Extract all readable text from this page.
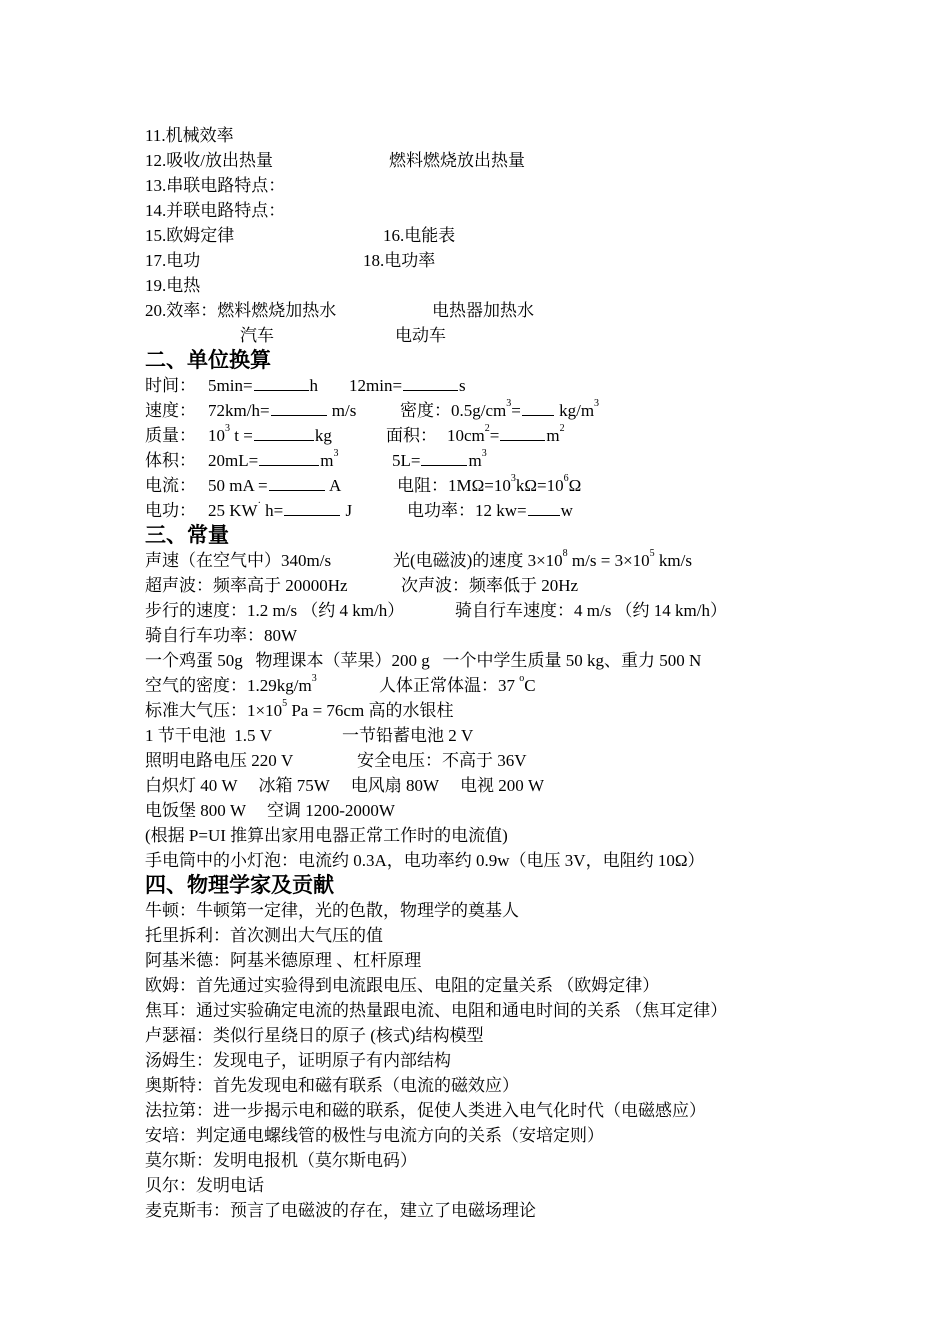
11.机械效率
12.吸收/放出热量	燃料燃烧放出热量
13.串联电路特点：
14.并联电路特点：
15.欧姆定律	16.电能表
17.电功	18.电功率
19.电热
20.效率：燃料燃烧加热水	电热器加热水
汽车	电动车
二、单位换算
时间： 5min=	h 12min=	s
速度： 72km/h=	m/s	密度：$0.5g/cm^3= kg/m^3$
质量： $10^3$ t =	kg	面积： $10cm^2=$	$m^2$
体积： 20mL=	$m^3$	5L=	$m^3$
电流： 50 mA =	A	电阻：$1M\Omega=10^3k\Omega=10^6\Omega$
电功： 25 KW· h=	J	电功率：12 kw= w
三、常量
声速（在空气中）340m/s	光(电磁波)的速度 $3\times 10^8$ $m/s = 3\times 10^5$ km/s
超声波：频率高于 20000Hz	次声波：频率低于 20Hz
步行的速度：1.2 m/s （约 4 km/h）	骑自行车速度：4 m/s （约 14 km/h）
骑自行车功率：80W
一个鸡蛋 50g   物理课本（苹果）200 g   一个中学生质量 50 kg、重力 500 N
空气的密度：$1.29kg/m^3$	人体正常体温：37 $^o$C
标准大气压：$1\times 10^5$ Pa = 76cm 高的水银柱
1 节干电池  1.5 V	一节铅蓄电池 2 V
照明电路电压 220 V	安全电压：不高于 36V
白炽灯 40 W     冰箱 75W     电风扇 80W     电视 200 W
电饭堡 800 W     空调 1200-2000W
(根据 P=UI 推算出家用电器正常工作时的电流值)
手电筒中的小灯泡：电流约 0.3A，电功率约 0.9w（电压 3V，电阻约 10Ω）
四、物理学家及贡献
牛顿：牛顿第一定律，光的色散，物理学的奠基人
托里拆利：首次测出大气压的值
阿基米德：阿基米德原理 、杠杆原理
欧姆：首先通过实验得到电流跟电压、电阻的定量关系 （欧姆定律）
焦耳：通过实验确定电流的热量跟电流、电阻和通电时间的关系 （焦耳定律）
卢瑟福：类似行星绕日的原子 (核式)结构模型
汤姆生：发现电子，证明原子有内部结构
奥斯特：首先发现电和磁有联系（电流的磁效应）
法拉第：进一步揭示电和磁的联系，促使人类进入电气化时代（电磁感应）
安培：判定通电螺线管的极性与电流方向的关系（安培定则）
莫尔斯：发明电报机（莫尔斯电码）
贝尔：发明电话
麦克斯韦：预言了电磁波的存在，建立了电磁场理论
